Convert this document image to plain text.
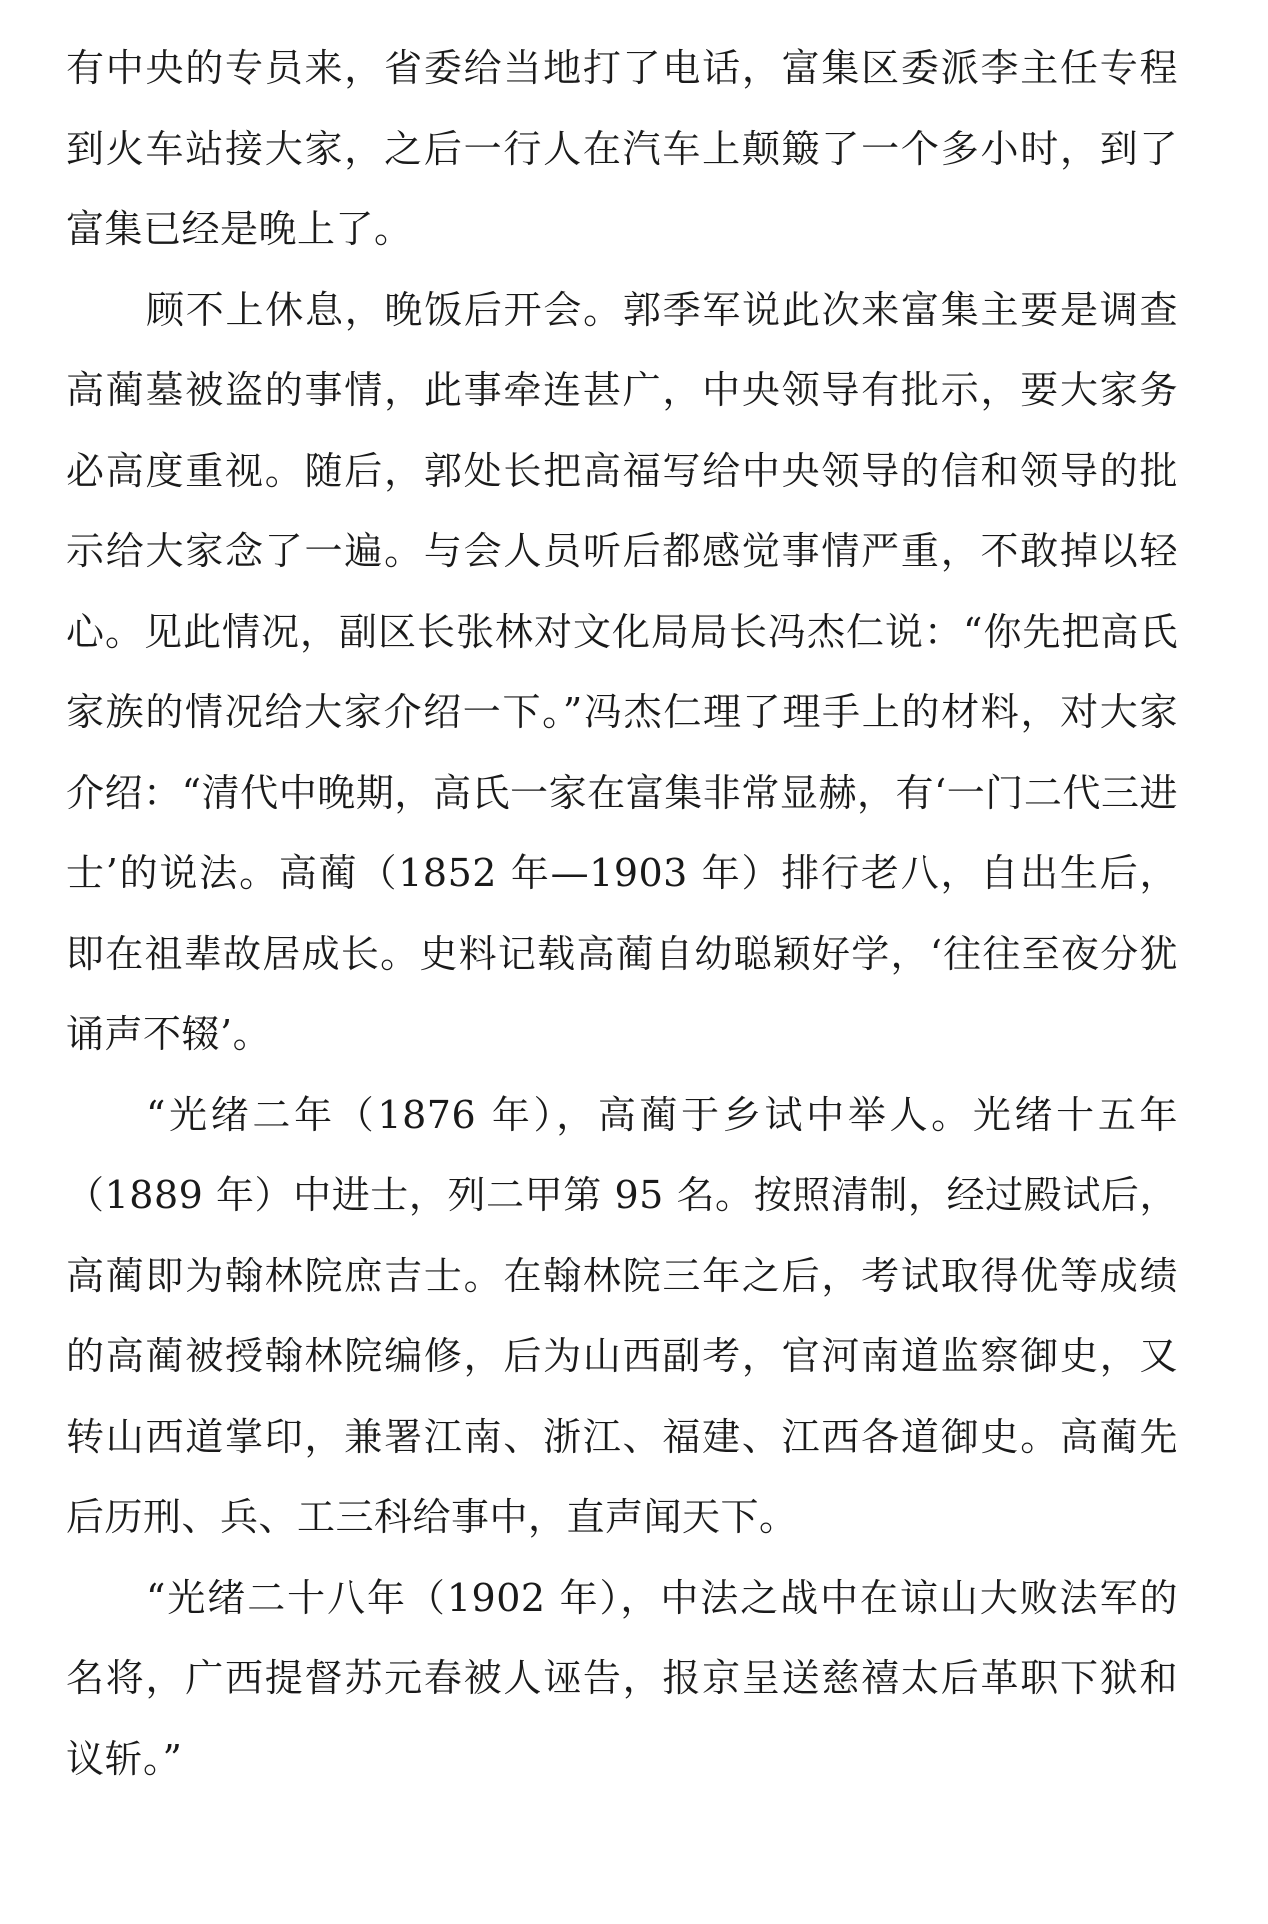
有中央的专员来，省委给当地打了电话，富集区委派李主任专程到火车站接大家，之后一行人在汽车上颠簸了一个多小时，到了富集已经是晚上了。

顾不上休息，晚饭后开会。郭季军说此次来富集主要是调查高蔺墓被盗的事情，此事牵连甚广，中央领导有批示，要大家务必高度重视。随后，郭处长把高福写给中央领导的信和领导的批示给大家念了一遍。与会人员听后都感觉事情严重，不敢掉以轻心。见此情况，副区长张林对文化局局长冯杰仁说：“你先把高氏家族的情况给大家介绍一下。”冯杰仁理了理手上的材料，对大家介绍：“清代中晚期，高氏一家在富集非常显赫，有‘一门二代三进士’的说法。高蔺（1852 年—1903 年）排行老八，自出生后，即在祖辈故居成长。史料记载高蔺自幼聪颖好学，‘往往至夜分犹诵声不辍’。

“光绪二年（1876 年），高蔺于乡试中举人。光绪十五年（1889 年）中进士，列二甲第 95 名。按照清制，经过殿试后，高蔺即为翰林院庶吉士。在翰林院三年之后，考试取得优等成绩的高蔺被授翰林院编修，后为山西副考，官河南道监察御史，又转山西道掌印，兼署江南、浙江、福建、江西各道御史。高蔺先后历刑、兵、工三科给事中，直声闻天下。

“光绪二十八年（1902 年），中法之战中在谅山大败法军的名将，广西提督苏元春被人诬告，报京呈送慈禧太后革职下狱和议斩。”
